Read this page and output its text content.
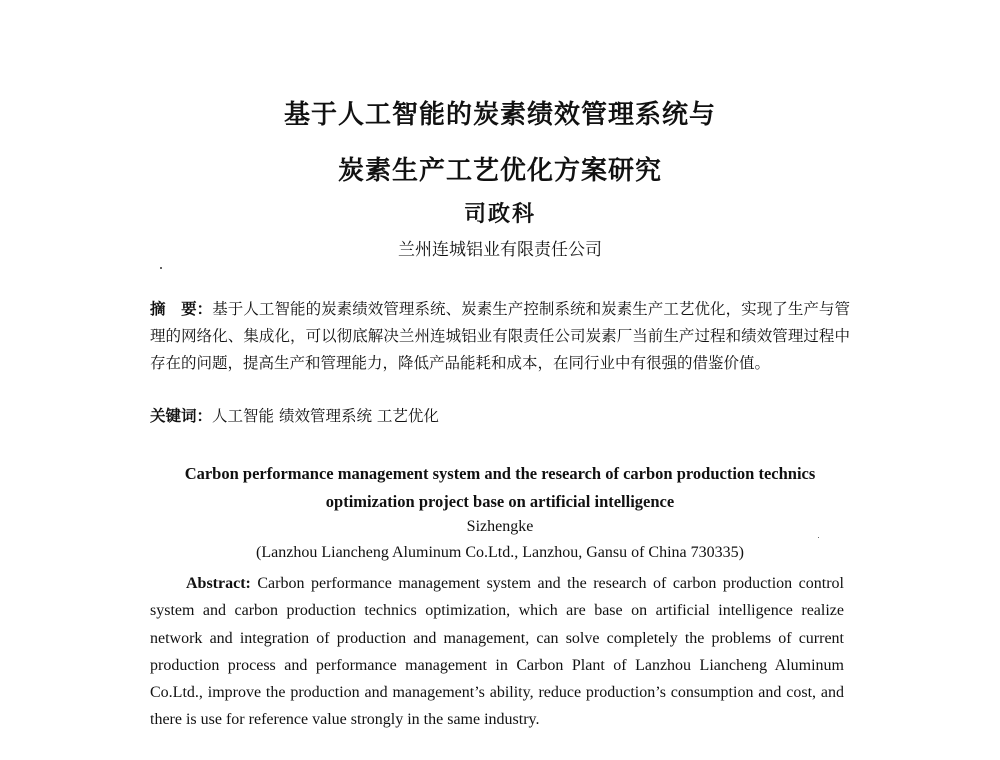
基于人工智能的炭素绩效管理系统与
炭素生产工艺优化方案研究
司政科
兰州连城铝业有限责任公司

摘　要：基于人工智能的炭素绩效管理系统、炭素生产控制系统和炭素生产工艺优化，实现了生产与管理的网络化、集成化，可以彻底解决兰州连城铝业有限责任公司炭素厂当前生产过程和绩效管理过程中存在的问题，提高生产和管理能力，降低产品能耗和成本，在同行业中有很强的借鉴价值。

关键词：人工智能 绩效管理系统 工艺优化

Carbon performance management system and the research of carbon production technics
optimization project base on artificial intelligence
Sizhengke
(Lanzhou Liancheng Aluminum Co.Ltd., Lanzhou, Gansu of China 730335)

Abstract: Carbon performance management system and the research of carbon production control system and carbon production technics optimization, which are base on artificial intelligence realize network and integration of production and management, can solve completely the problems of current production process and performance management in Carbon Plant of Lanzhou Liancheng Aluminum Co.Ltd., improve the production and management’s ability, reduce production’s consumption and cost, and there is use for reference value strongly in the same industry.
